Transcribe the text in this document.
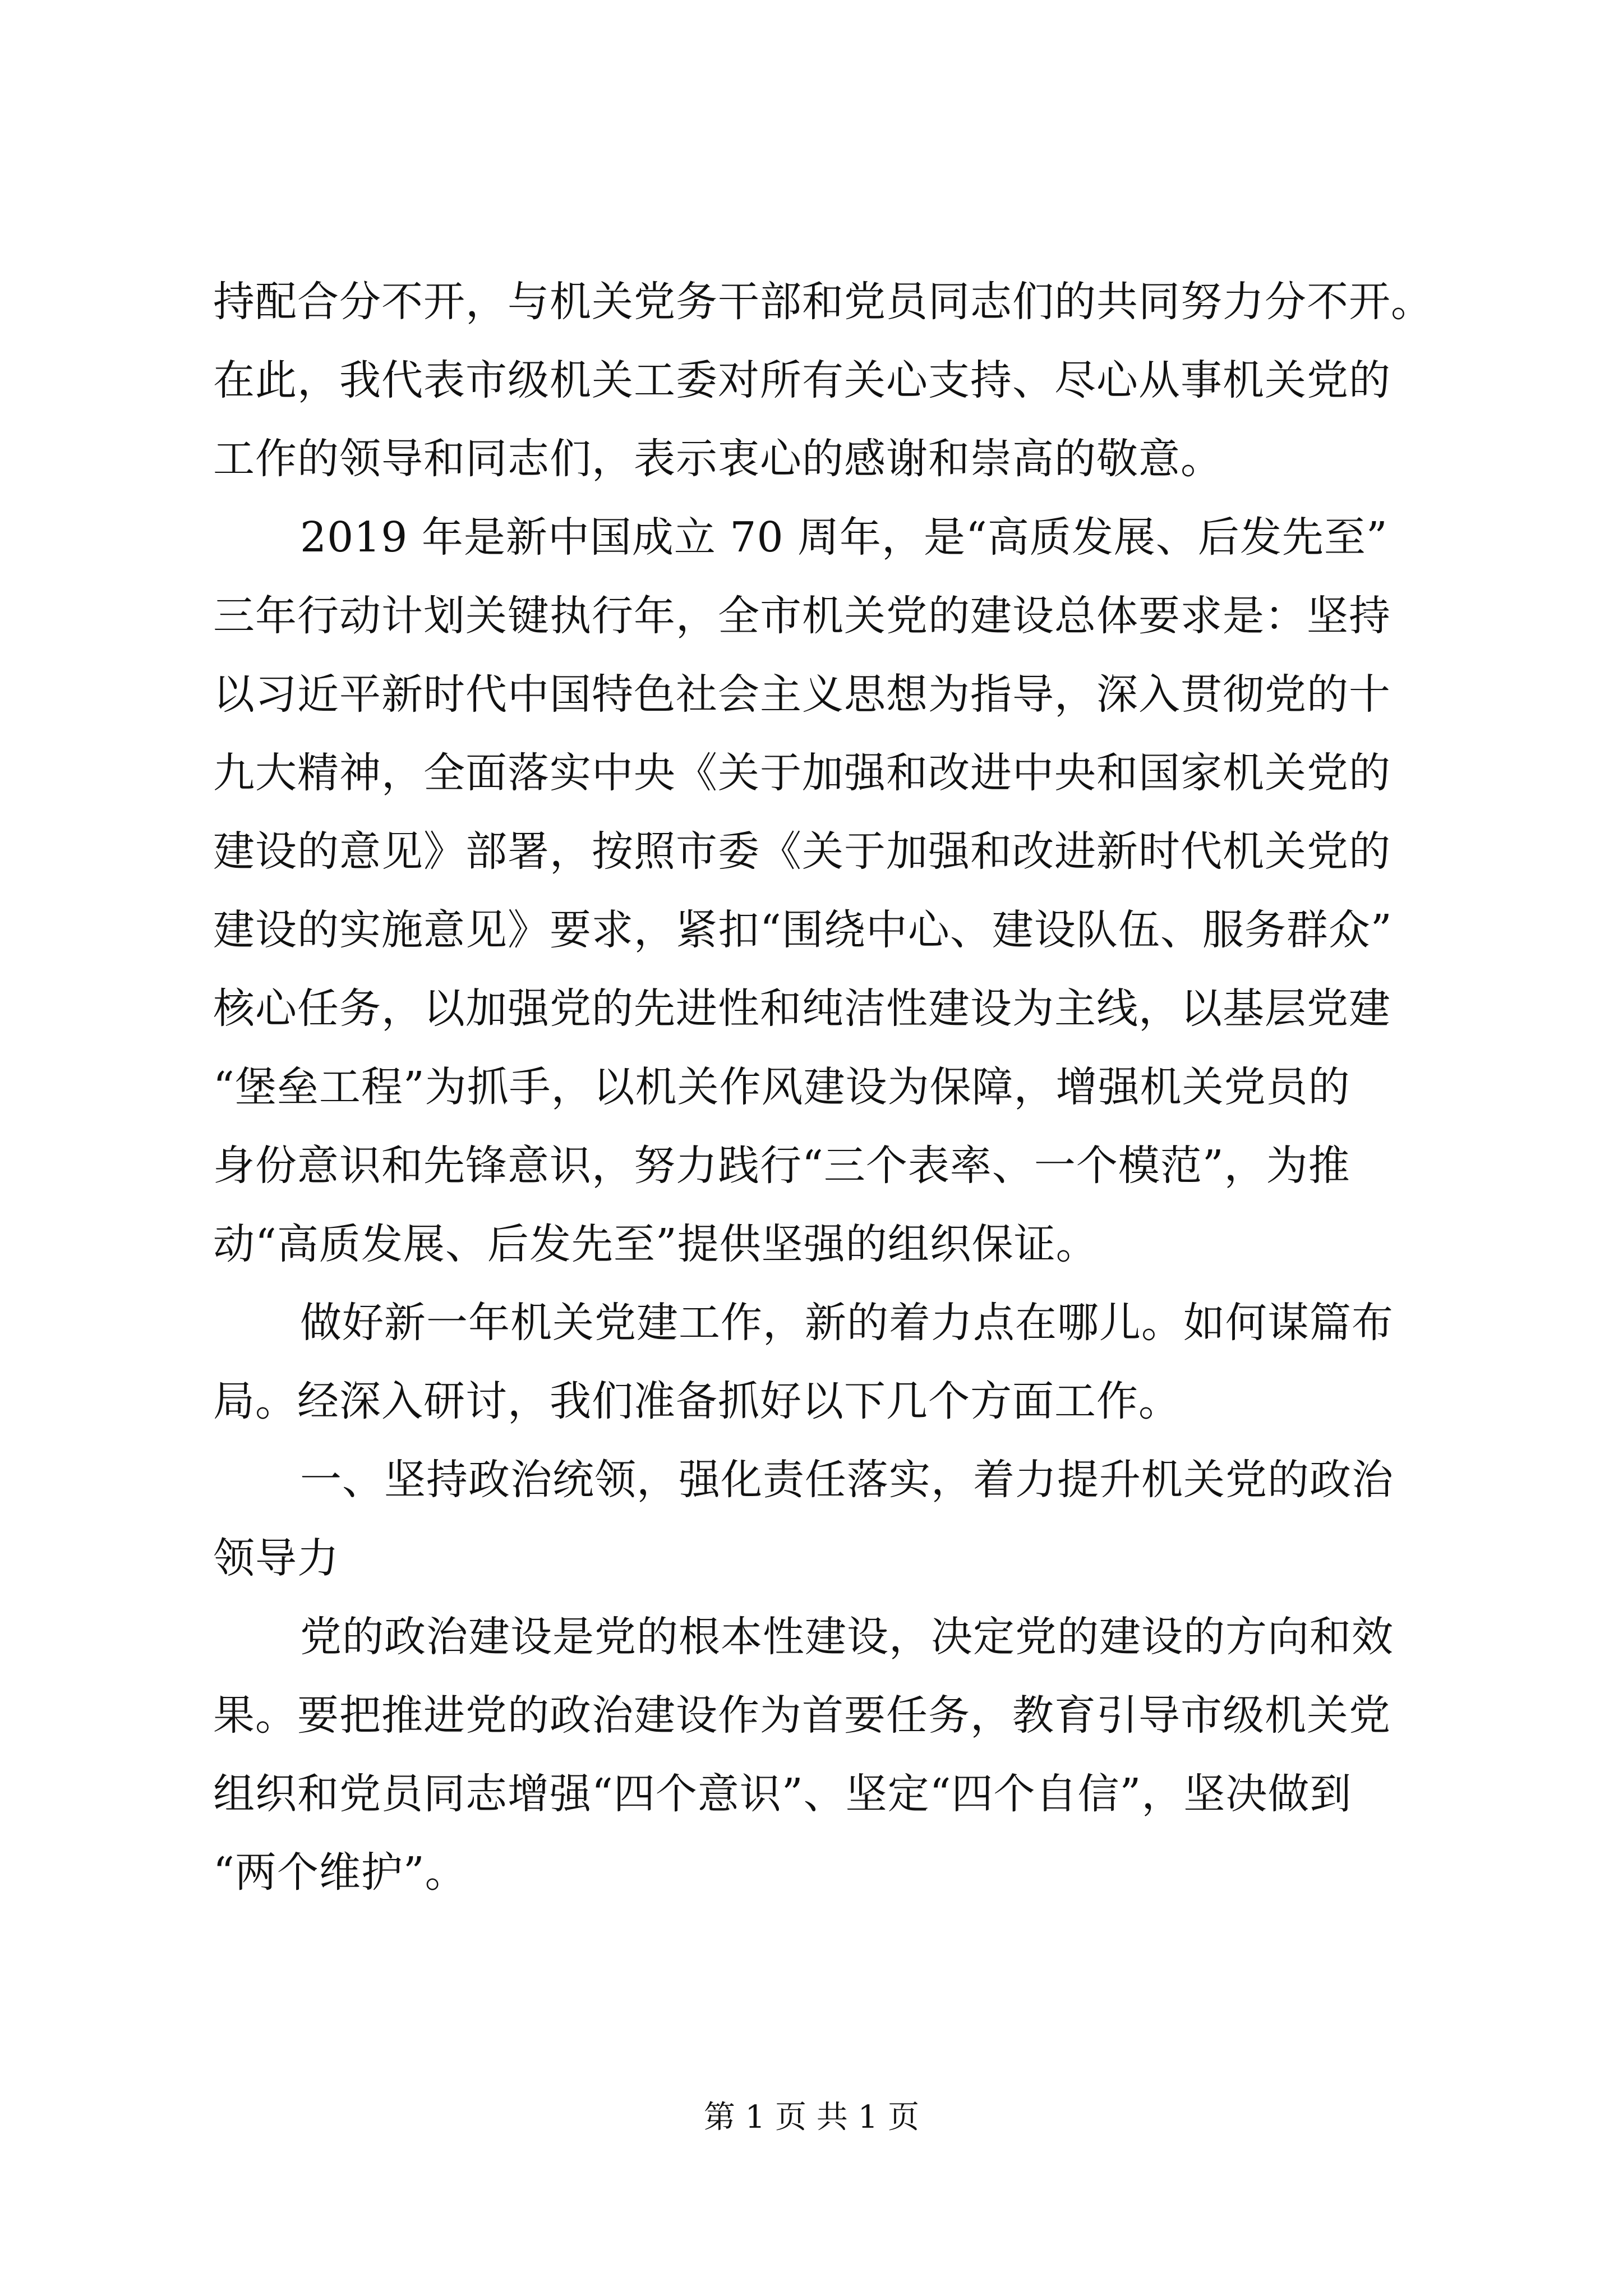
持配合分不开，与机关党务干部和党员同志们的共同努力分不开。
在此，我代表市级机关工委对所有关心支持、尽心从事机关党的
工作的领导和同志们，表示衷心的感谢和崇高的敬意。
2019 年是新中国成立 70 周年，是“高质发展、后发先至”
三年行动计划关键执行年，全市机关党的建设总体要求是：坚持
以习近平新时代中国特色社会主义思想为指导，深入贯彻党的十
九大精神，全面落实中央《关于加强和改进中央和国家机关党的
建设的意见》部署，按照市委《关于加强和改进新时代机关党的
建设的实施意见》要求，紧扣“围绕中心、建设队伍、服务群众”
核心任务，以加强党的先进性和纯洁性建设为主线，以基层党建
“堡垒工程”为抓手，以机关作风建设为保障，增强机关党员的
身份意识和先锋意识，努力践行“三个表率、一个模范”，为推
动“高质发展、后发先至”提供坚强的组织保证。
做好新一年机关党建工作，新的着力点在哪儿。如何谋篇布
局。经深入研讨，我们准备抓好以下几个方面工作。
一、坚持政治统领，强化责任落实，着力提升机关党的政治
领导力
党的政治建设是党的根本性建设，决定党的建设的方向和效
果。要把推进党的政治建设作为首要任务，教育引导市级机关党
组织和党员同志增强“四个意识”、坚定“四个自信”，坚决做到
“两个维护”。
第 1 页 共 1 页
